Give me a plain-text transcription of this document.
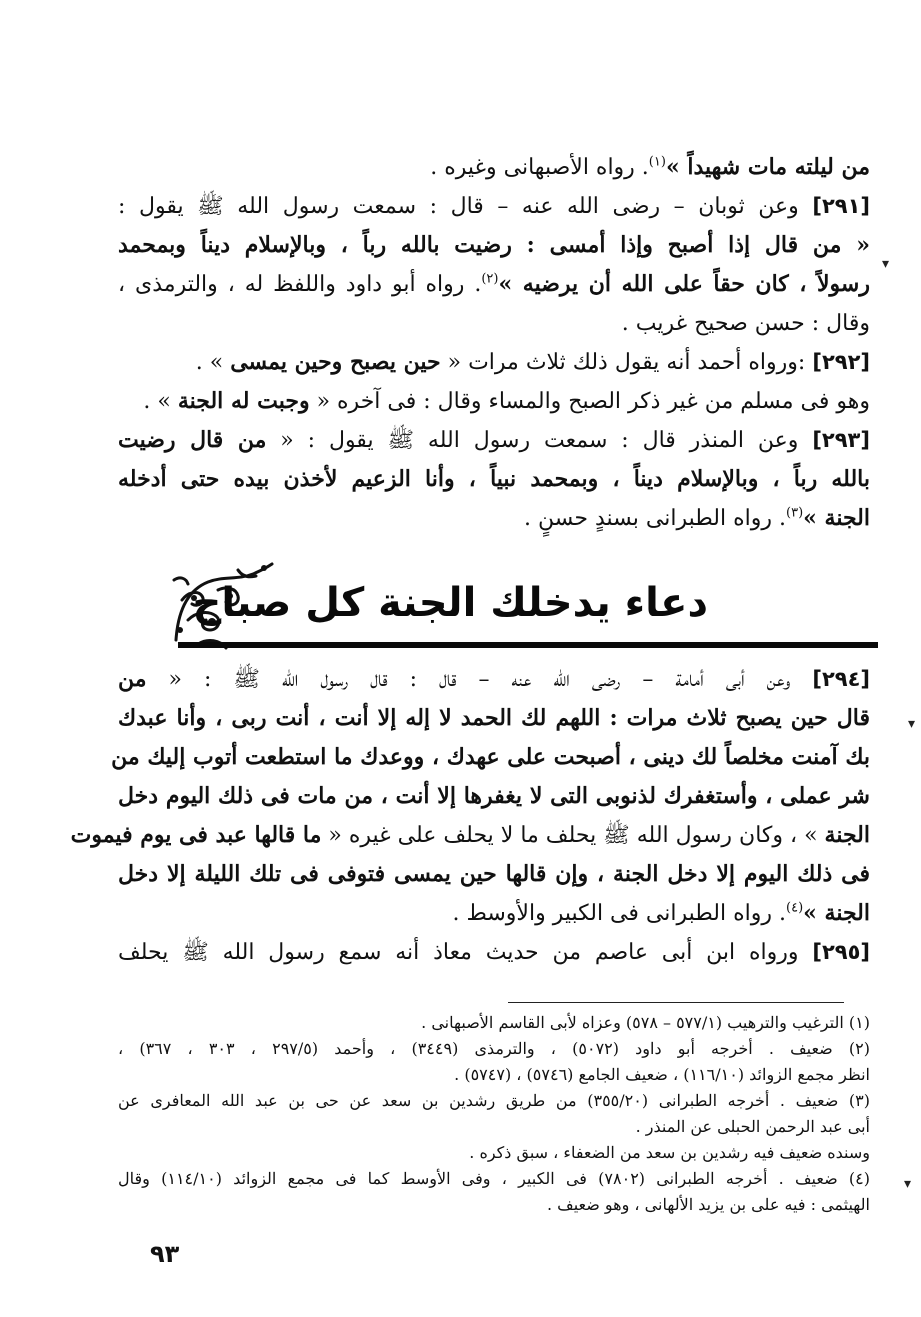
▾
▾
▾
من ليلته مات شهيداً »$^{(١)}$. رواه الأصبهانى وغيره .
[٢٩١] وعن ثوبان – رضى الله عنه – قال : سمعت رسول الله ﷺ يقول :
« من قال إذا أصبح وإذا أمسى : رضيت بالله رباً ، وبالإسلام ديناً وبمحمد
رسولاً ، كان حقاً على الله أن يرضيه »$^{(٢)}$. رواه أبو داود واللفظ له ، والترمذى ،
وقال : حسن صحيح غريب .
[٢٩٢] :ورواه أحمد أنه يقول ذلك ثلاث مرات « حين يصبح وحين يمسى » .
وهو فى مسلم من غير ذكر الصبح والمساء وقال : فى آخره « وجبت له الجنة » .
[٢٩٣] وعن المنذر قال : سمعت رسول الله ﷺ يقول : « من قال رضيت
بالله رباً ، وبالإسلام ديناً ، وبمحمد نبياً ، وأنا الزعيم لأخذن بيده حتى أدخله
الجنة »$^{(٣)}$. رواه الطبرانى بسندٍ حسنٍ .
دعاء يدخلك الجنة كل صباح
[٢٩٤] وعن أبى أمامة – رضى الله عنه – قال : قال رسول الله ﷺ : « من
قال حين يصبح ثلاث مرات : اللهم لك الحمد لا إله إلا أنت ، أنت ربى ، وأنا عبدك
بك آمنت مخلصاً لك دينى ، أصبحت على عهدك ، ووعدك ما استطعت أتوب إليك من
شر عملى ، وأستغفرك لذنوبى التى لا يغفرها إلا أنت ، من مات فى ذلك اليوم دخل
الجنة » ، وكان رسول الله ﷺ يحلف ما لا يحلف على غيره « ما قالها عبد فى يوم فيموت
فى ذلك اليوم إلا دخل الجنة ، وإن قالها حين يمسى فتوفى فى تلك الليلة إلا دخل
الجنة »$^{(٤)}$. رواه الطبرانى فى الكبير والأوسط .
[٢٩٥] ورواه ابن أبى عاصم من حديث معاذ أنه سمع رسول الله ﷺ يحلف
(١) الترغيب والترهيب (٥٧٧/١ – ٥٧٨) وعزاه لأبى القاسم الأصبهانى .
(٢) ضعيف . أخرجه أبو داود (٥٠٧٢) ، والترمذى (٣٤٤٩) ، وأحمد (٢٩٧/٥ ، ٣٠٣ ، ٣٦٧) ،
انظر مجمع الزوائد (١١٦/١٠) ، ضعيف الجامع (٥٧٤٦) ، (٥٧٤٧) .
(٣) ضعيف . أخرجه الطبرانى (٣٥٥/٢٠) من طريق رشدين بن سعد عن حى بن عبد الله المعافرى عن
أبى عبد الرحمن الحبلى عن المنذر .
وسنده ضعيف فيه رشدين بن سعد من الضعفاء ، سبق ذكره .
(٤) ضعيف . أخرجه الطبرانى (٧٨٠٢) فى الكبير ، وفى الأوسط كما فى مجمع الزوائد (١١٤/١٠) وقال
الهيثمى : فيه على بن يزيد الألهانى ، وهو ضعيف .
٩٣
